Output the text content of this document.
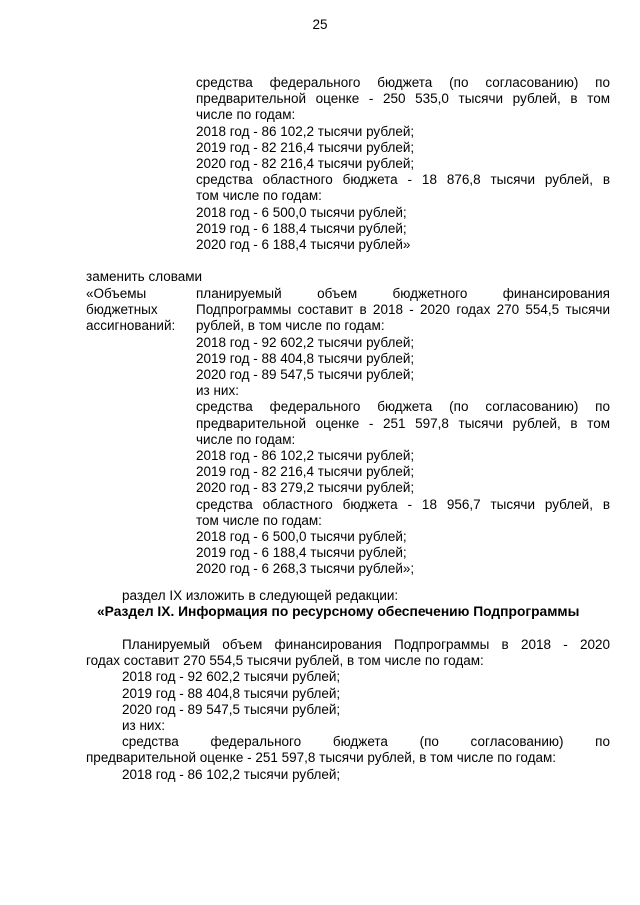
25
средства федерального бюджета (по согласованию) по
предварительной оценке - 250 535,0 тысячи рублей, в том
числе по годам:
2018 год - 86 102,2 тысячи рублей;
2019 год - 82 216,4 тысячи рублей;
2020 год - 82 216,4 тысячи рублей;
средства областного бюджета - 18 876,8 тысячи рублей, в
том числе по годам:
2018 год - 6 500,0 тысячи рублей;
2019 год - 6 188,4 тысячи рублей;
2020 год - 6 188,4 тысячи рублей»
заменить словами
«Объемы
бюджетных
ассигнований:
планируемый объем бюджетного финансирования
Подпрограммы составит в 2018 - 2020 годах 270 554,5 тысячи
рублей, в том числе по годам:
2018 год - 92 602,2 тысячи рублей;
2019 год - 88 404,8 тысячи рублей;
2020 год - 89 547,5 тысячи рублей;
из них:
средства федерального бюджета (по согласованию) по
предварительной оценке - 251 597,8 тысячи рублей, в том
числе по годам:
2018 год - 86 102,2 тысячи рублей;
2019 год - 82 216,4 тысячи рублей;
2020 год - 83 279,2 тысячи рублей;
средства областного бюджета - 18 956,7 тысячи рублей, в
том числе по годам:
2018 год - 6 500,0 тысячи рублей;
2019 год - 6 188,4 тысячи рублей;
2020 год - 6 268,3 тысячи рублей»;
раздел IX изложить в следующей редакции:
«Раздел IX. Информация по ресурсному обеспечению Подпрограммы
Планируемый объем финансирования Подпрограммы в 2018 - 2020
годах составит 270 554,5 тысячи рублей, в том числе по годам:
2018 год - 92 602,2 тысячи рублей;
2019 год - 88 404,8 тысячи рублей;
2020 год - 89 547,5 тысячи рублей;
из них:
средства федерального бюджета (по согласованию) по
предварительной оценке - 251 597,8 тысячи рублей, в том числе по годам:
2018 год - 86 102,2 тысячи рублей;
